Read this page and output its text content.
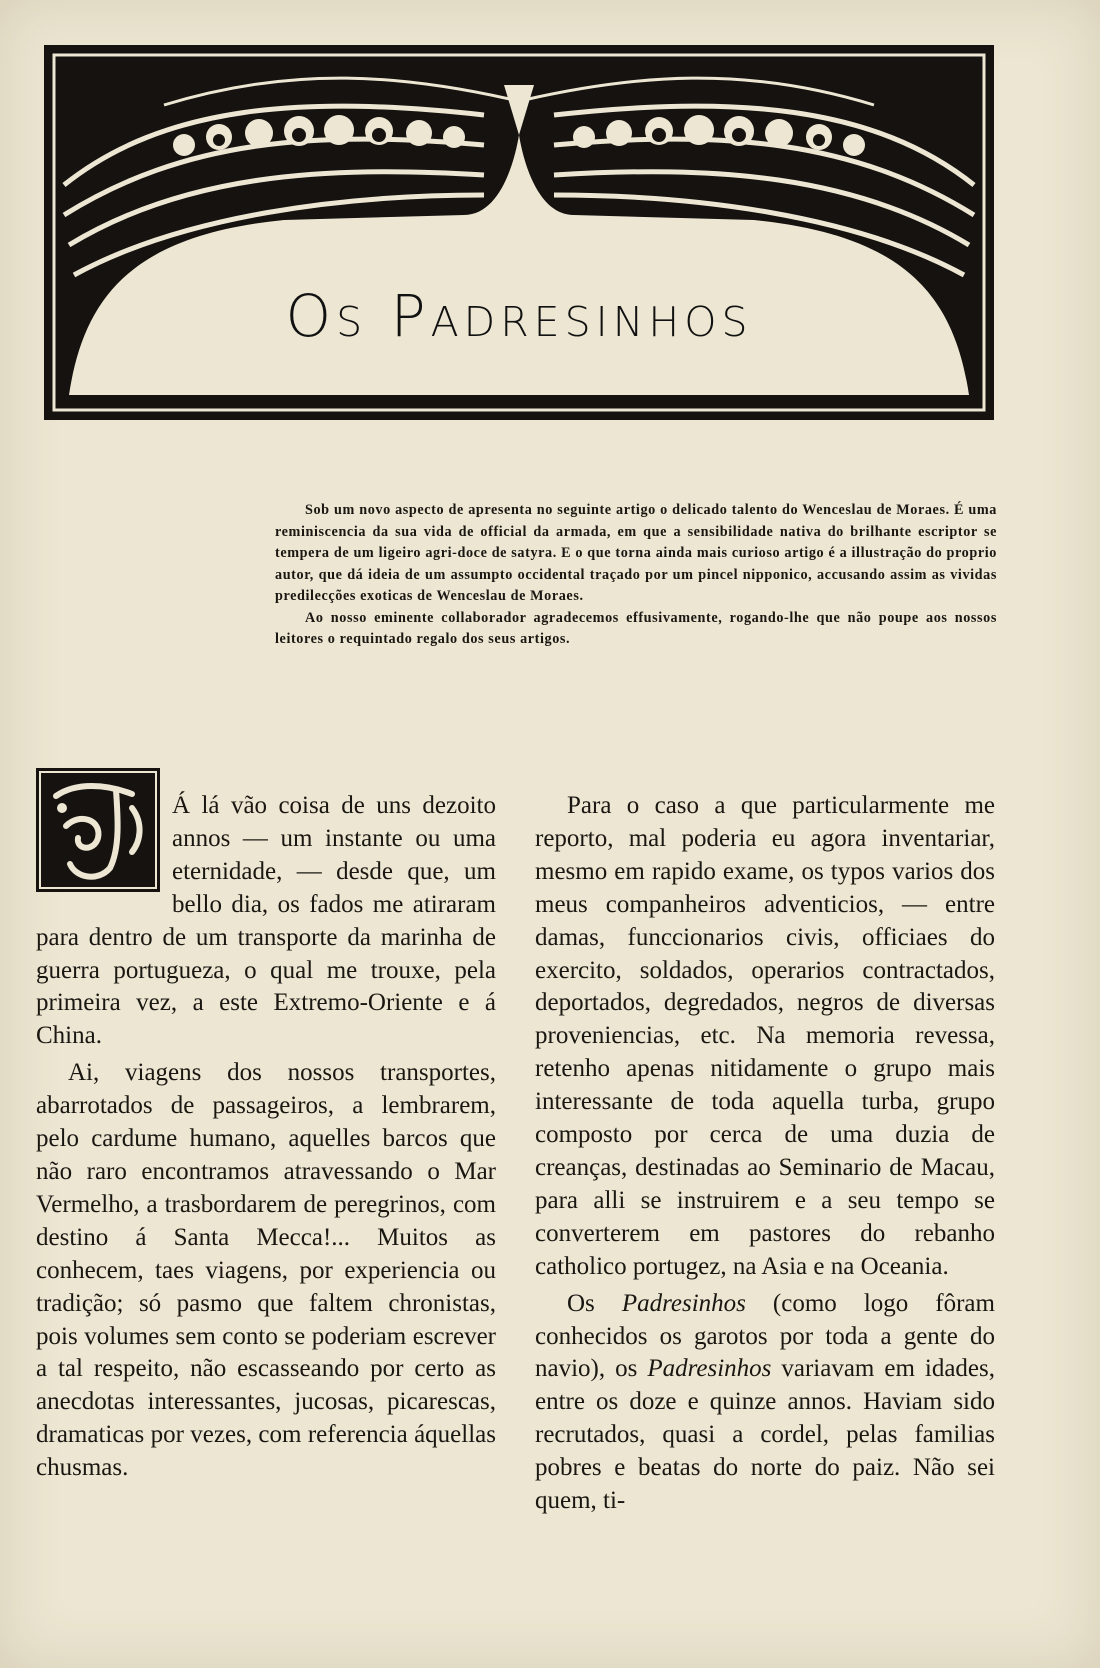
Os Padresinhos

Sob um novo aspecto de apresenta no seguinte artigo o delicado talento do Wenceslau de Moraes. É uma reminiscencia da sua vida de official da armada, em que a sensibilidade nativa do brilhante escriptor se tempera de um ligeiro agri-doce de satyra. E o que torna ainda mais curioso artigo é a illustração do proprio autor, que dá ideia de um assumpto occidental traçado por um pincel nipponico, accusando assim as vividas predilecções exoticas de Wenceslau de Moraes.

Ao nosso eminente collaborador agradecemos effusivamente, rogando-lhe que não poupe aos nossos leitores o requintado regalo dos seus artigos.

Á lá vão coisa de uns dezoito annos — um instante ou uma eternidade, — desde que, um bello dia, os fados me atiraram para dentro de um transporte da marinha de guerra portugueza, o qual me trouxe, pela primeira vez, a este Extremo-Oriente e á China.

Ai, viagens dos nossos transportes, abarrotados de passageiros, a lembrarem, pelo cardume humano, aquelles barcos que não raro encontramos atravessando o Mar Vermelho, a trasbordarem de peregrinos, com destino á Santa Mecca!... Muitos as conhecem, taes viagens, por experiencia ou tradição; só pasmo que faltem chronistas, pois volumes sem conto se poderiam escrever a tal respeito, não escasseando por certo as anecdotas interessantes, jucosas, picarescas, dramaticas por vezes, com referencia áquellas chusmas.

Para o caso a que particularmente me reporto, mal poderia eu agora inventariar, mesmo em rapido exame, os typos varios dos meus companheiros adventicios, — entre damas, funccionarios civis, officiaes do exercito, soldados, operarios contractados, deportados, degredados, negros de diversas proveniencias, etc. Na memoria revessa, retenho apenas nitidamente o grupo mais interessante de toda aquella turba, grupo composto por cerca de uma duzia de creanças, destinadas ao Seminario de Macau, para alli se instruirem e a seu tempo se converterem em pastores do rebanho catholico portugez, na Asia e na Oceania.

Os Padresinhos (como logo fôram conhecidos os garotos por toda a gente do navio), os Padresinhos variavam em idades, entre os doze e quinze annos. Haviam sido recrutados, quasi a cordel, pelas familias pobres e beatas do norte do paiz. Não sei quem, ti-
